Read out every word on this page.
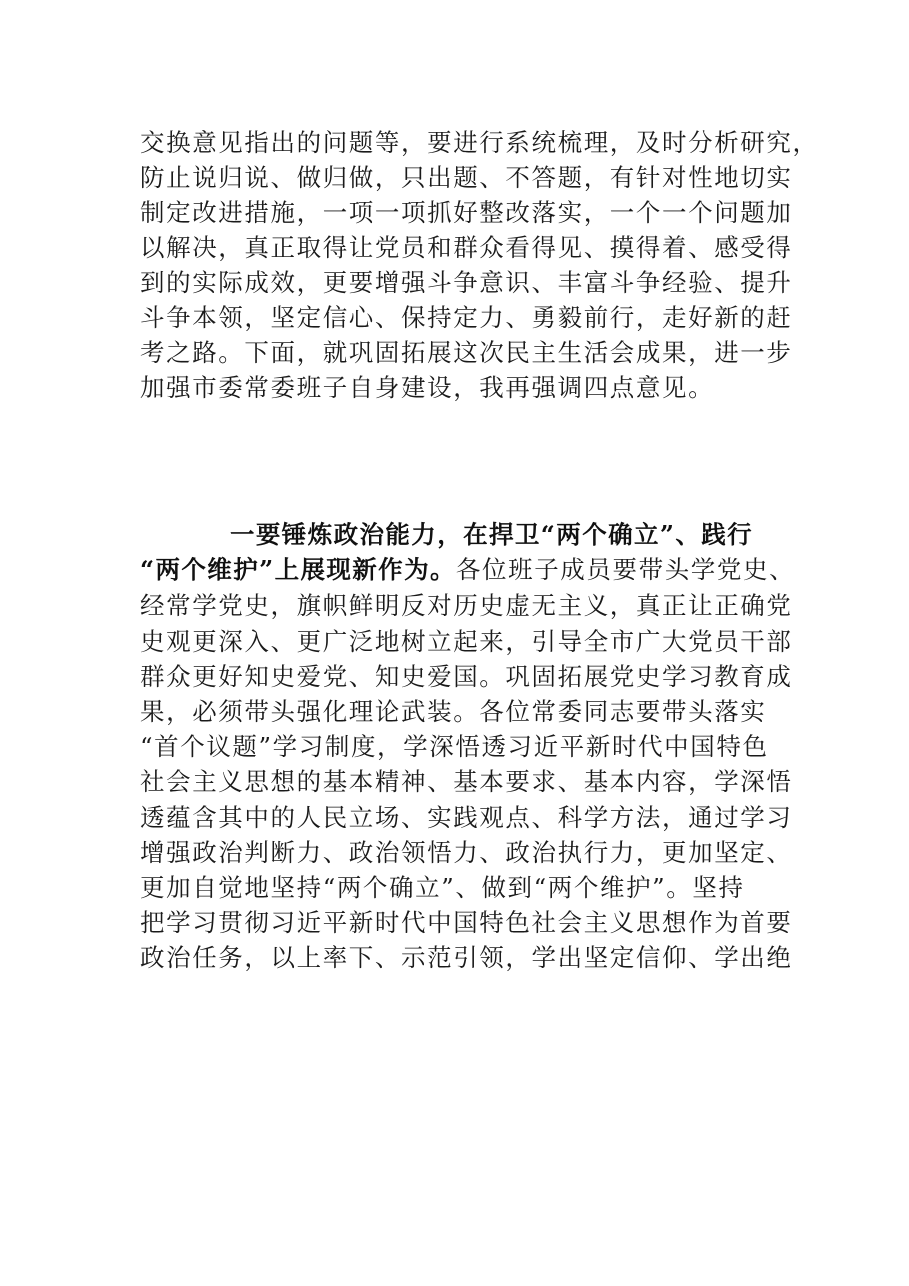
交换意见指出的问题等，要进行系统梳理，及时分析研究，
防止说归说、做归做，只出题、不答题，有针对性地切实
制定改进措施，一项一项抓好整改落实，一个一个问题加
以解决，真正取得让党员和群众看得见、摸得着、感受得
到的实际成效，更要增强斗争意识、丰富斗争经验、提升
斗争本领，坚定信心、保持定力、勇毅前行，走好新的赶
考之路。下面，就巩固拓展这次民主生活会成果，进一步
加强市委常委班子自身建设，我再强调四点意见。
一要锤炼政治能力，在捍卫“两个确立”、践行
“两个维护”上展现新作为。各位班子成员要带头学党史、
经常学党史，旗帜鲜明反对历史虚无主义，真正让正确党
史观更深入、更广泛地树立起来，引导全市广大党员干部
群众更好知史爱党、知史爱国。巩固拓展党史学习教育成
果，必须带头强化理论武装。各位常委同志要带头落实
“首个议题”学习制度，学深悟透习近平新时代中国特色
社会主义思想的基本精神、基本要求、基本内容，学深悟
透蕴含其中的人民立场、实践观点、科学方法，通过学习
增强政治判断力、政治领悟力、政治执行力，更加坚定、
更加自觉地坚持“两个确立”、做到“两个维护”。坚持
把学习贯彻习近平新时代中国特色社会主义思想作为首要
政治任务，以上率下、示范引领，学出坚定信仰、学出绝
